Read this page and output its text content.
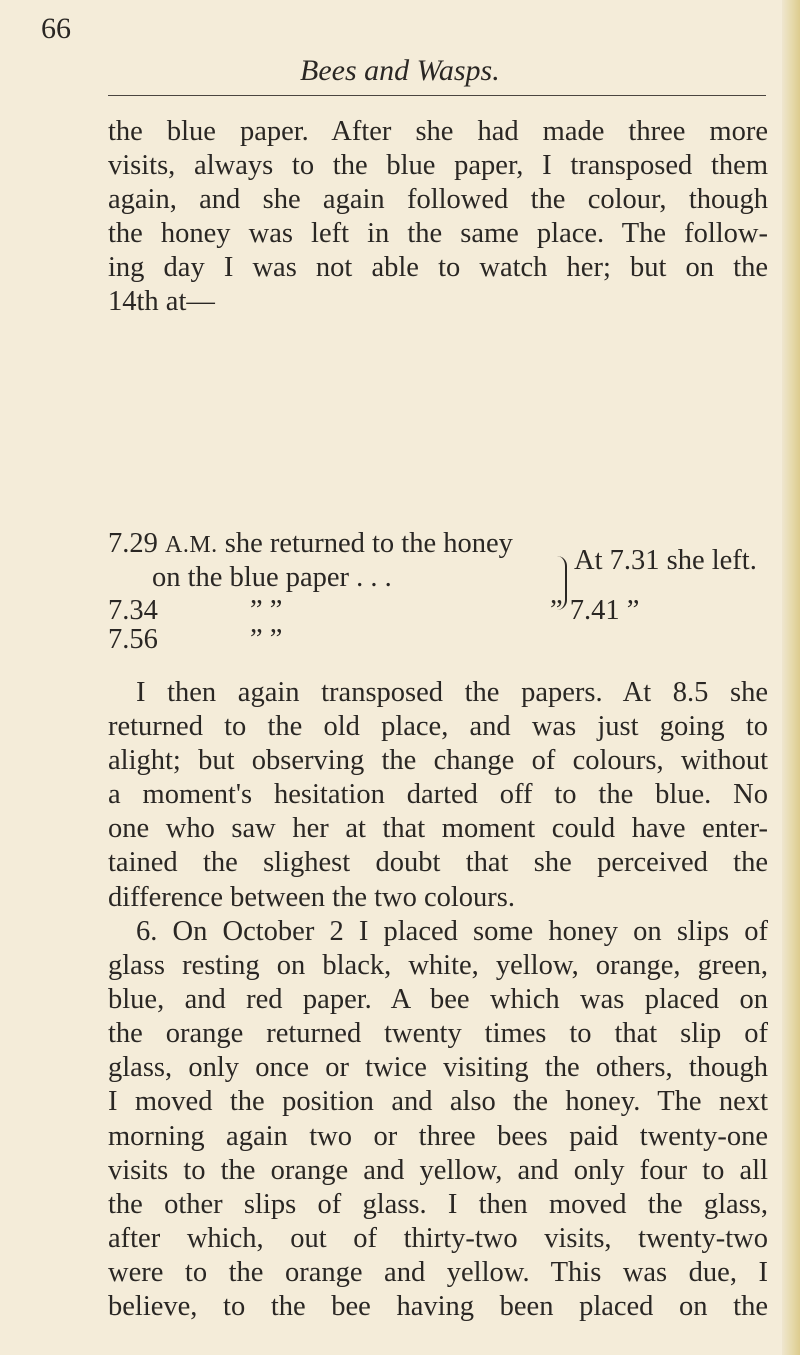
66
Bees and Wasps.
the blue paper. After she had made three more
visits, always to the blue paper, I transposed them
again, and she again followed the colour, though
the honey was left in the same place. The follow-
ing day I was not able to watch her; but on the
14th at—
7.29 A.M. she returned to the honey
on the blue paper . . .
At 7.31 she left.
7.34	” ”	” 7.41 ”
7.56	” ”
I then again transposed the papers. At 8.5 she
returned to the old place, and was just going to
alight; but observing the change of colours, without
a moment's hesitation darted off to the blue. No
one who saw her at that moment could have enter-
tained the slighest doubt that she perceived the
difference between the two colours.
6. On October 2 I placed some honey on slips of
glass resting on black, white, yellow, orange, green,
blue, and red paper. A bee which was placed on
the orange returned twenty times to that slip of
glass, only once or twice visiting the others, though
I moved the position and also the honey. The next
morning again two or three bees paid twenty-one
visits to the orange and yellow, and only four to all
the other slips of glass. I then moved the glass,
after which, out of thirty-two visits, twenty-two
were to the orange and yellow. This was due, I
believe, to the bee having been placed on the
